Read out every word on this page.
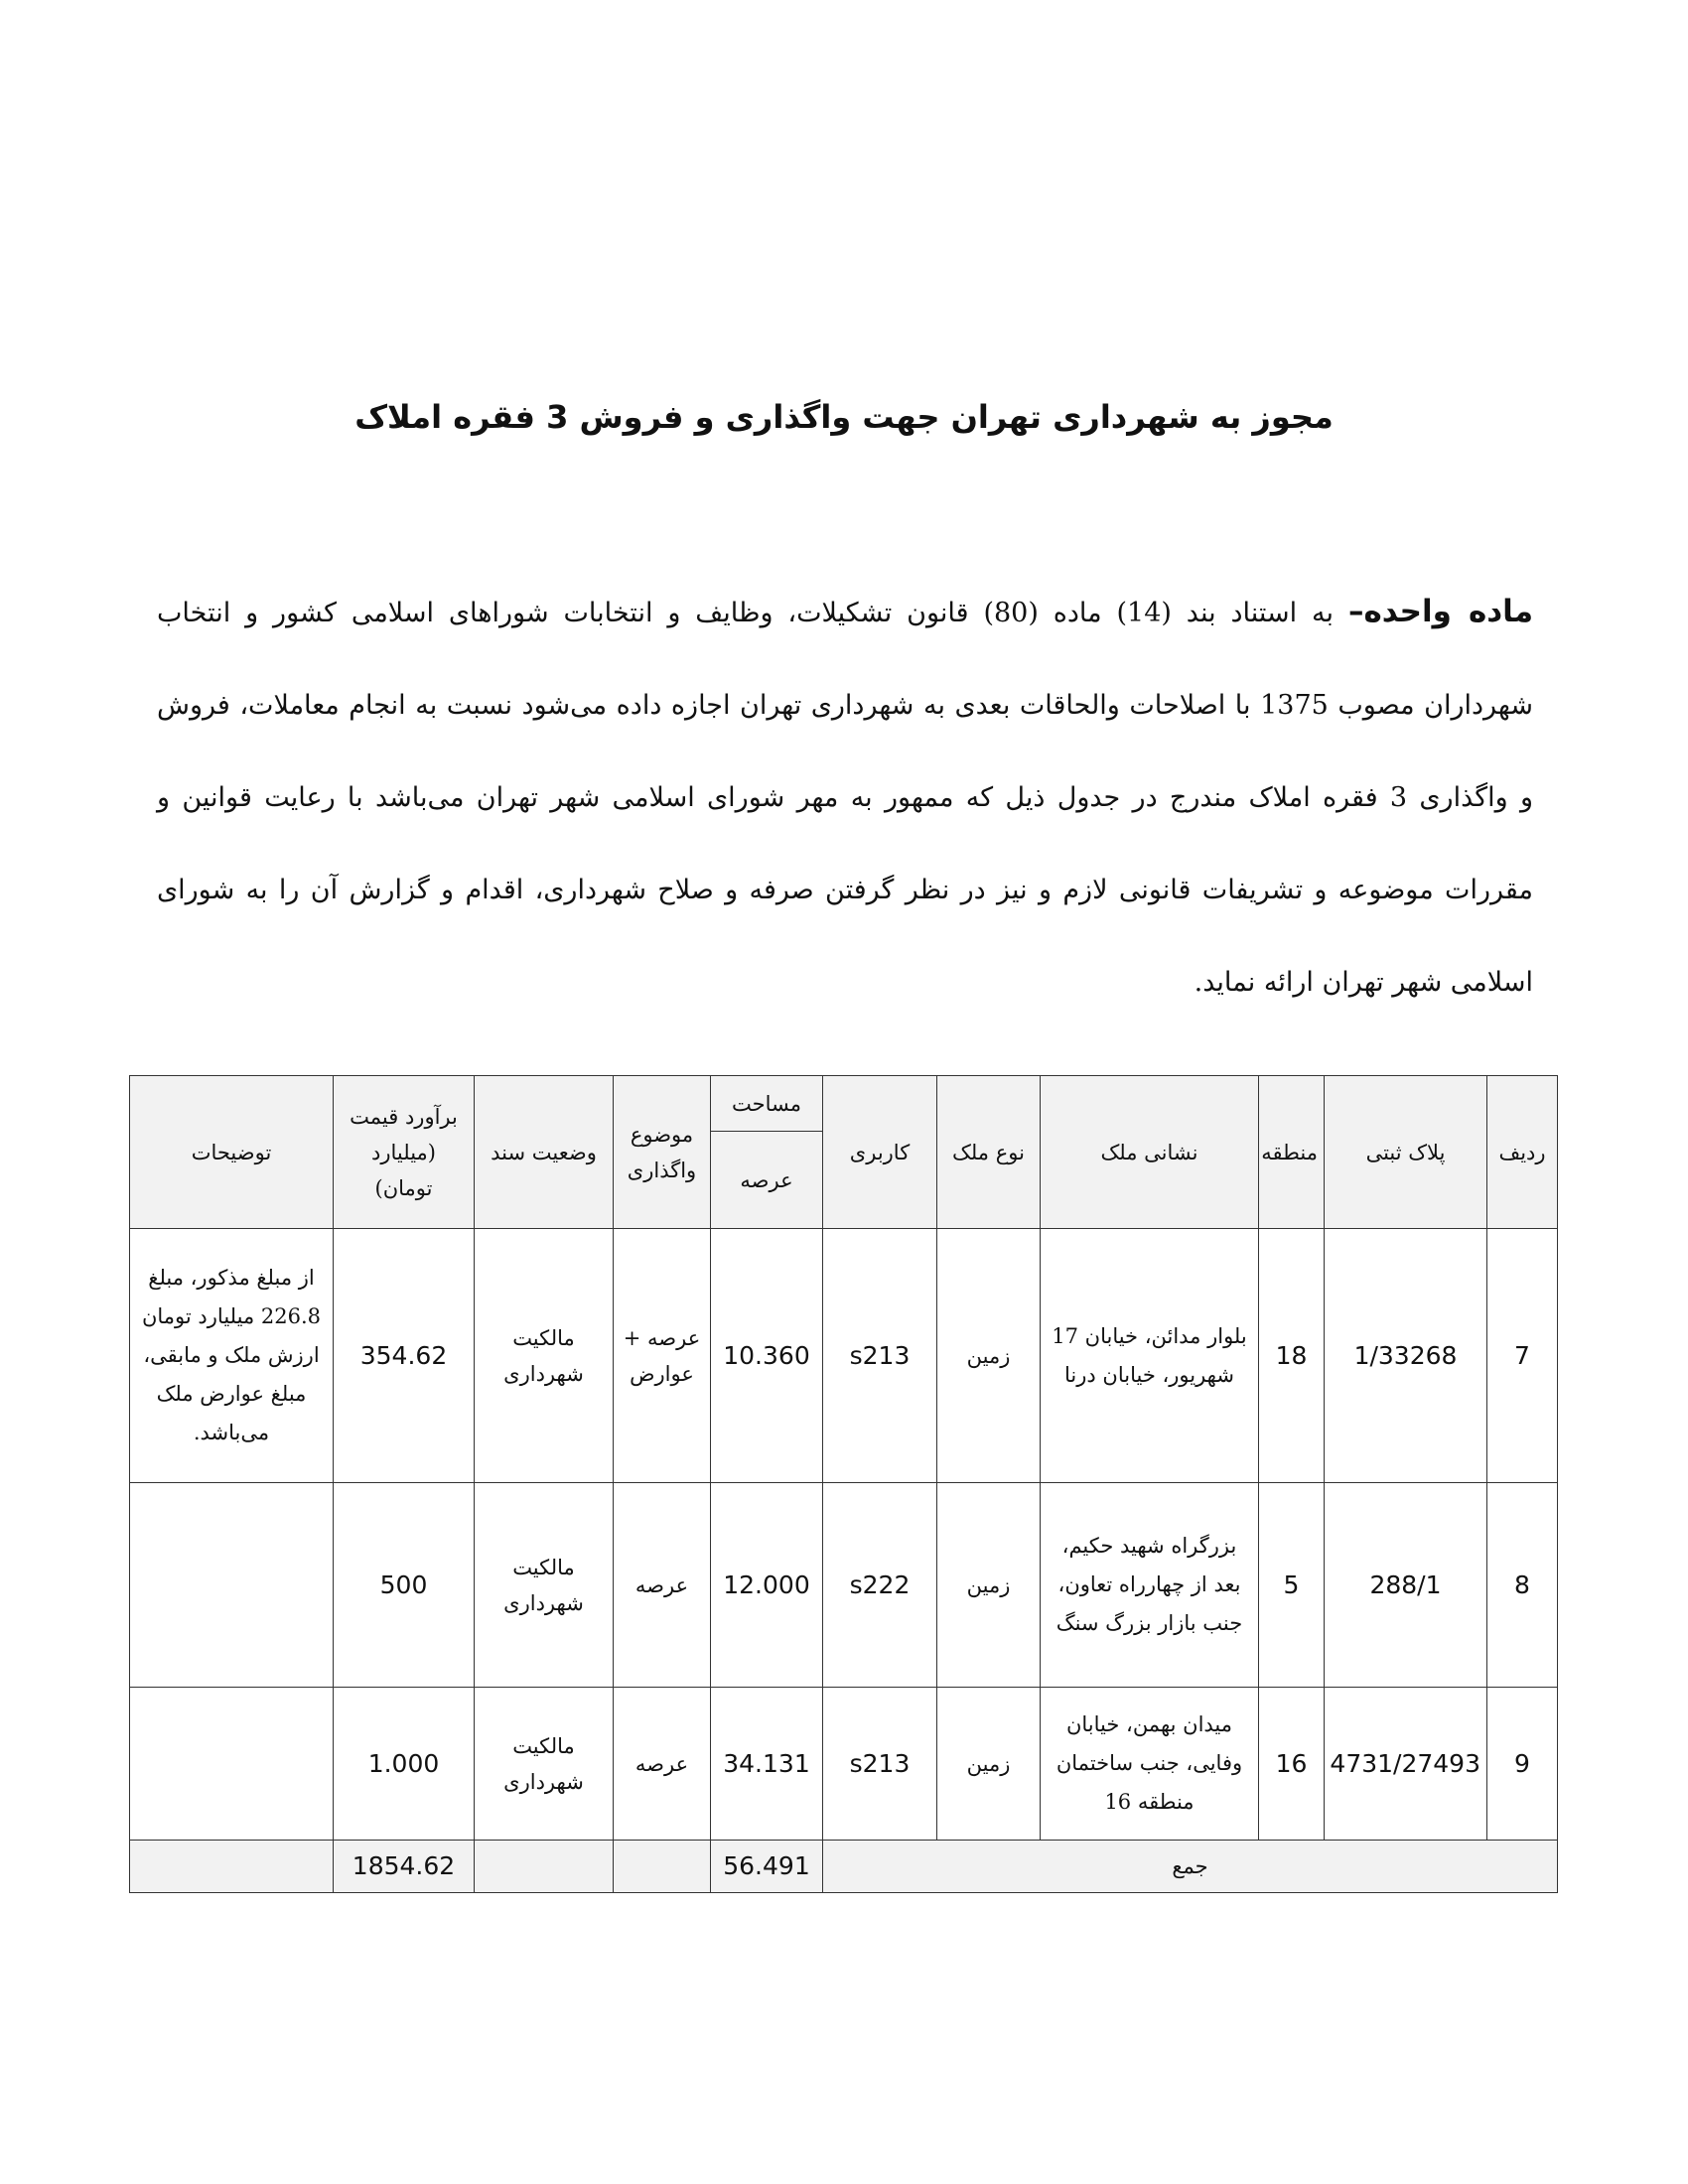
مجوز به شهرداری تهران جهت واگذاری و فروش 3 فقره املاک
ماده واحده– به استناد بند (14) ماده (80) قانون تشکیلات، وظایف و انتخابات شوراهای اسلامی کشور و انتخاب شهرداران مصوب 1375 با اصلاحات والحاقات بعدی به شهرداری تهران اجازه داده می‌شود نسبت به انجام معاملات، فروش و واگذاری 3 فقره املاک مندرج در جدول ذیل که ممهور به مهر شورای اسلامی شهر تهران می‌باشد با رعایت قوانین و مقررات موضوعه و تشریفات قانونی لازم و نیز در نظر گرفتن صرفه و صلاح شهرداری، اقدام و گزارش آن را به شورای اسلامی شهر تهران ارائه نماید.
ردیف	پلاک ثبتی	منطقه	نشانی ملک	نوع ملک	کاربری	مساحت	موضوع واگذاری	وضعیت سند	برآورد قیمت (میلیارد تومان)	توضیحات
						عرصه				
7	1/33268	18	بلوار مدائن، خیابان 17 شهریور، خیابان درنا	زمین	s213	10.360	عرصه + عوارض	مالکیت شهرداری	354.62	از مبلغ مذکور، مبلغ 226.8 میلیارد تومان ارزش ملک و مابقی، مبلغ عوارض ملک می‌باشد.
8	288/1	5	بزرگراه شهید حکیم، بعد از چهارراه تعاون، جنب بازار بزرگ سنگ	زمین	s222	12.000	عرصه	مالکیت شهرداری	500	
9	4731/27493	16	میدان بهمن، خیابان وفایی، جنب ساختمان منطقه 16	زمین	s213	34.131	عرصه	مالکیت شهرداری	1.000	
جمع						56.491			1854.62	
